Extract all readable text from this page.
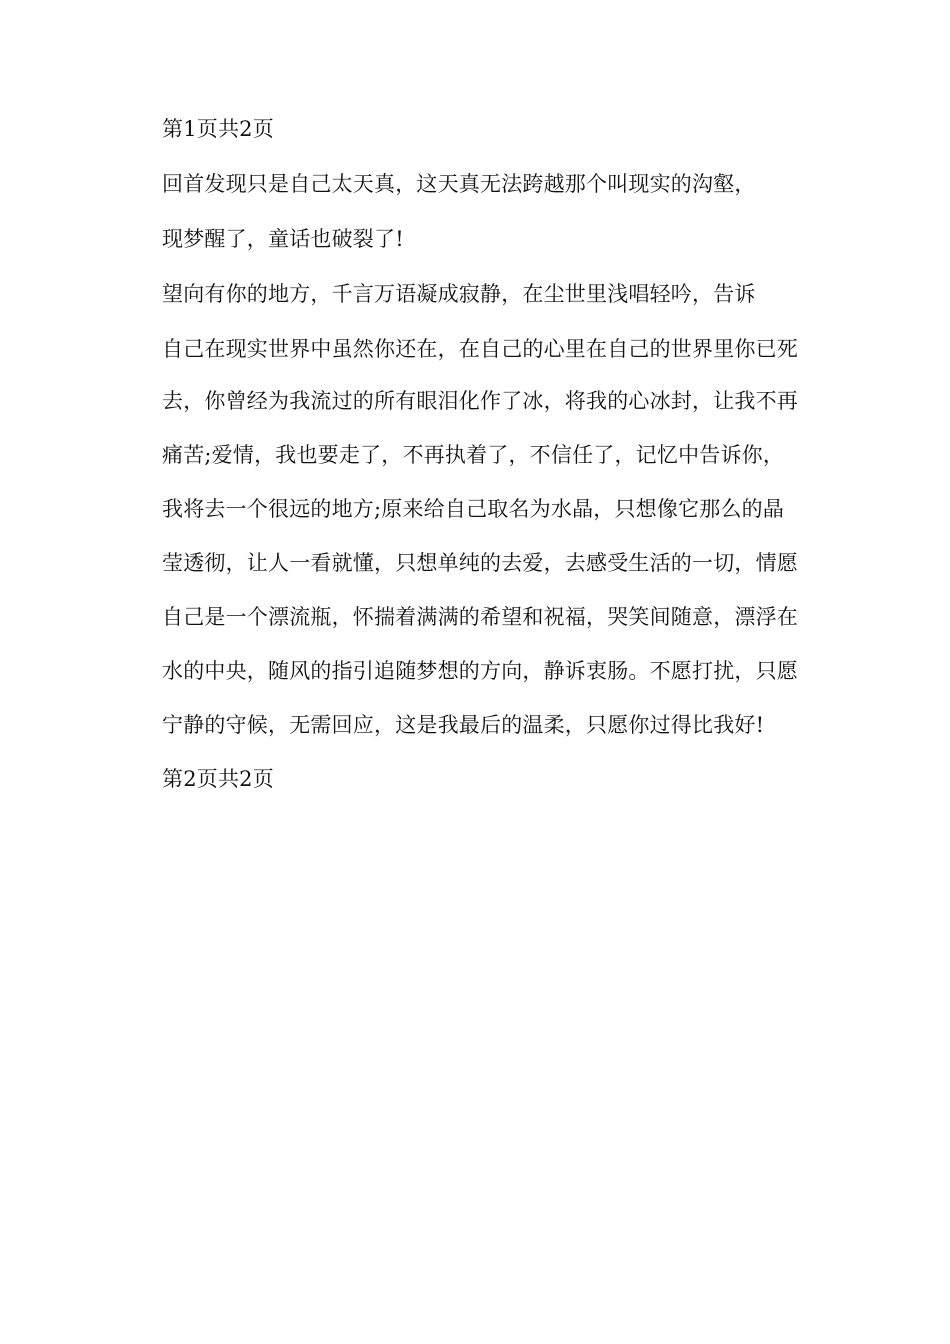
第1页共2页
回首发现只是自己太天真，这天真无法跨越那个叫现实的沟壑，
现梦醒了，童话也破裂了!
望向有你的地方，千言万语凝成寂静，在尘世里浅唱轻吟，告诉
自己在现实世界中虽然你还在，在自己的心里在自己的世界里你已死
去，你曾经为我流过的所有眼泪化作了冰，将我的心冰封，让我不再
痛苦;爱情，我也要走了，不再执着了，不信任了，记忆中告诉你，
我将去一个很远的地方;原来给自己取名为水晶，只想像它那么的晶
莹透彻，让人一看就懂，只想单纯的去爱，去感受生活的一切，情愿
自己是一个漂流瓶，怀揣着满满的希望和祝福，哭笑间随意，漂浮在
水的中央，随风的指引追随梦想的方向，静诉衷肠。不愿打扰，只愿
宁静的守候，无需回应，这是我最后的温柔，只愿你过得比我好!
第2页共2页
